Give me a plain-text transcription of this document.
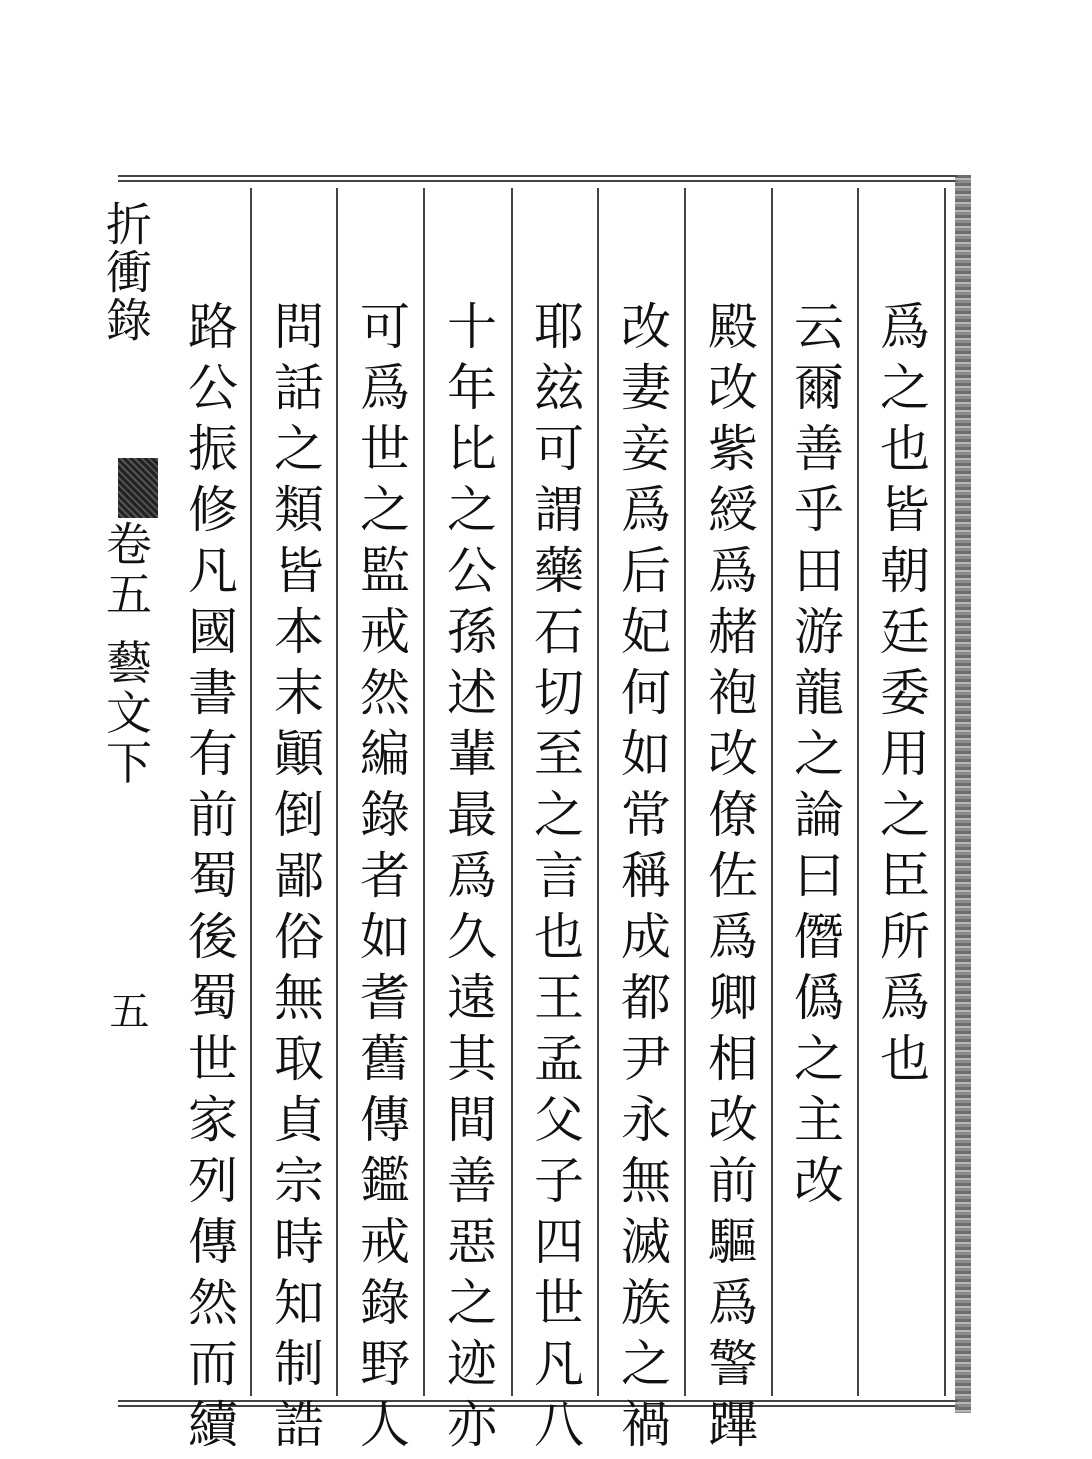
折衝錄
卷五 藝文下
五	爲之也皆朝廷委用之臣所爲也
云爾善乎田游龍之論曰僭僞之主改
殿改紫綬爲赭袍改僚佐爲卿相改前驅爲警蹕
改妻妾爲后妃何如常稱成都尹永無滅族之禍
耶玆可謂藥石切至之言也王孟父子四世凡八
十年比之公孫述輩最爲久遠其間善惡之迹亦
可爲世之監戒然編錄者如耆舊傳鑑戒錄野人
問話之類皆本末顚倒鄙俗無取貞宗時知制誥
路公振修凡國書有前蜀後蜀世家列傳然而續
